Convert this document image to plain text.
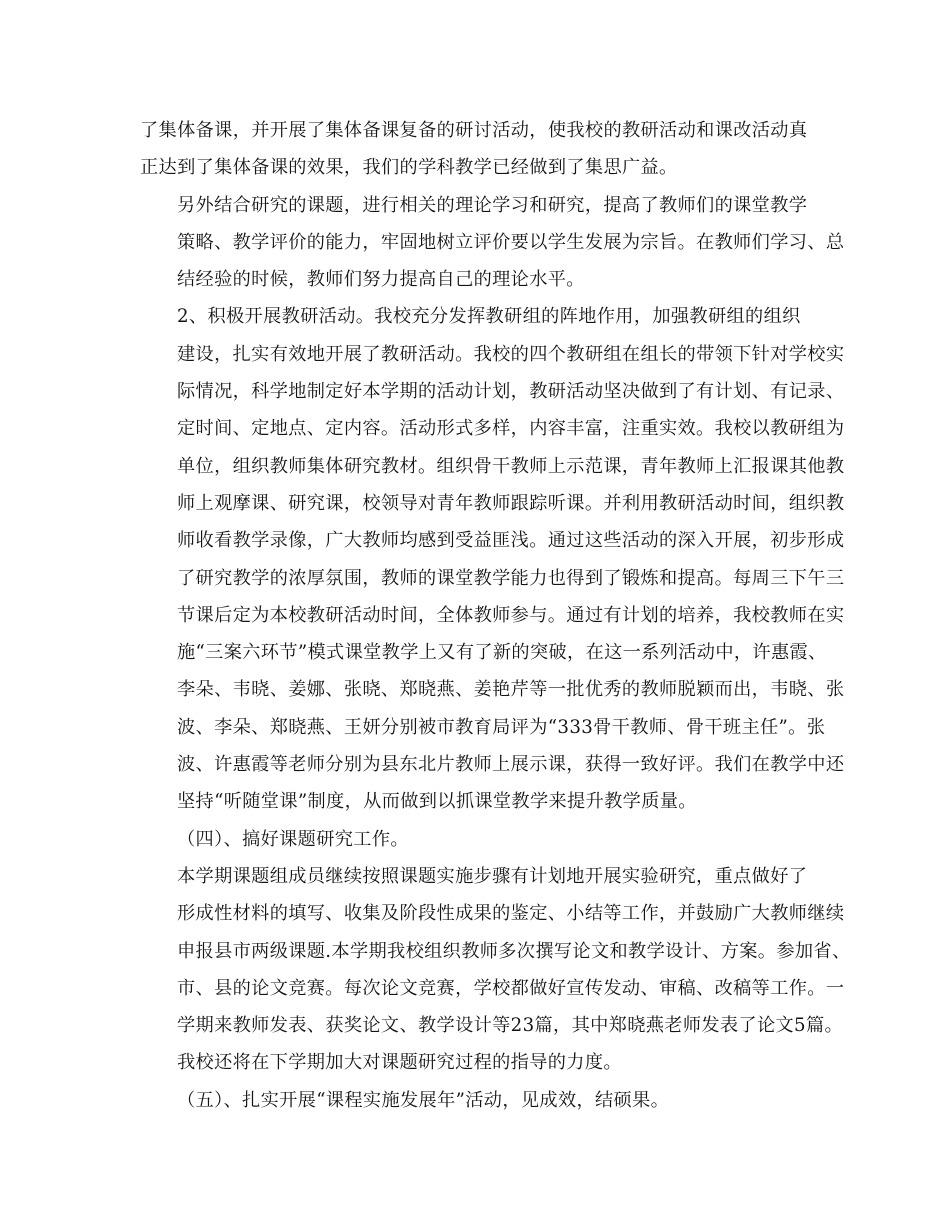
了集体备课，并开展了集体备课复备的研讨活动，使我校的教研活动和课改活动真
正达到了集体备课的效果，我们的学科教学已经做到了集思广益。

另外结合研究的课题，进行相关的理论学习和研究，提高了教师们的课堂教学
策略、教学评价的能力，牢固地树立评价要以学生发展为宗旨。在教师们学习、总
结经验的时候，教师们努力提高自己的理论水平。

2、积极开展教研活动。我校充分发挥教研组的阵地作用，加强教研组的组织
建设，扎实有效地开展了教研活动。我校的四个教研组在组长的带领下针对学校实
际情况，科学地制定好本学期的活动计划，教研活动坚决做到了有计划、有记录、
定时间、定地点、定内容。活动形式多样，内容丰富，注重实效。我校以教研组为
单位，组织教师集体研究教材。组织骨干教师上示范课，青年教师上汇报课其他教
师上观摩课、研究课，校领导对青年教师跟踪听课。并利用教研活动时间，组织教
师收看教学录像，广大教师均感到受益匪浅。通过这些活动的深入开展，初步形成
了研究教学的浓厚氛围，教师的课堂教学能力也得到了锻炼和提高。每周三下午三
节课后定为本校教研活动时间，全体教师参与。通过有计划的培养，我校教师在实
施“三案六环节”模式课堂教学上又有了新的突破，在这一系列活动中，许惠霞、
李朵、韦晓、姜娜、张晓、郑晓燕、姜艳芹等一批优秀的教师脱颖而出，韦晓、张
波、李朵、郑晓燕、王妍分别被市教育局评为“333骨干教师、骨干班主任”。张
波、许惠霞等老师分别为县东北片教师上展示课，获得一致好评。我们在教学中还
坚持“听随堂课”制度，从而做到以抓课堂教学来提升教学质量。

（四）、搞好课题研究工作。

本学期课题组成员继续按照课题实施步骤有计划地开展实验研究，重点做好了
形成性材料的填写、收集及阶段性成果的鉴定、小结等工作，并鼓励广大教师继续
申报县市两级课题.本学期我校组织教师多次撰写论文和教学设计、方案。参加省、
市、县的论文竞赛。每次论文竞赛，学校都做好宣传发动、审稿、改稿等工作。一
学期来教师发表、获奖论文、教学设计等23篇，其中郑晓燕老师发表了论文5篇。
我校还将在下学期加大对课题研究过程的指导的力度。

（五）、扎实开展“课程实施发展年”活动，见成效，结硕果。
